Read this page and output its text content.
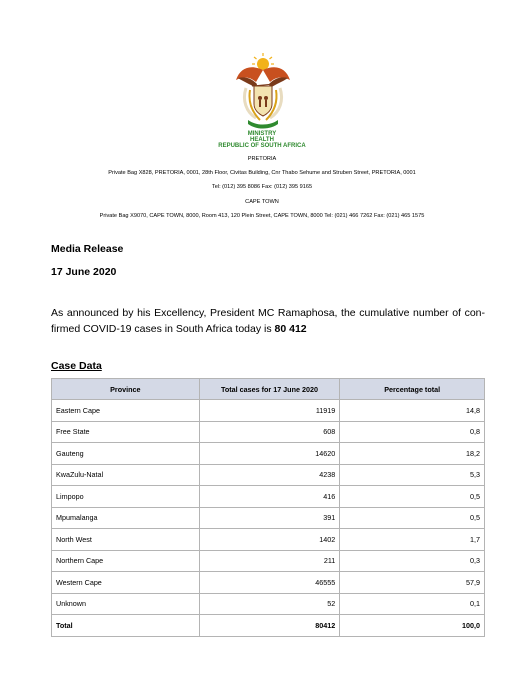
MINISTRY
HEALTH
REPUBLIC OF SOUTH AFRICA
PRETORIA
Private Bag X828, PRETORIA, 0001, 28th Floor, Civitas Building, Cnr Thabo Sehume and Struben Street, PRETORIA, 0001
Tel: (012) 395 8086 Fax: (012) 395 9165
CAPE TOWN
Private Bag X9070, CAPE TOWN, 8000, Room 413, 120 Plein Street, CAPE TOWN, 8000 Tel: (021) 466 7262 Fax: (021) 465 1575
Media Release
17 June 2020
As announced by his Excellency, President MC Ramaphosa, the cumulative number of con-firmed COVID-19 cases in South Africa today is 80 412
Case Data
Province	Total cases for 17 June 2020	Percentage total
Eastern Cape	11919	14,8
Free State	608	0,8
Gauteng	14620	18,2
KwaZulu-Natal	4238	5,3
Limpopo	416	0,5
Mpumalanga	391	0,5
North West	1402	1,7
Northern Cape	211	0,3
Western Cape	46555	57,9
Unknown	52	0,1
Total	80412	100,0
